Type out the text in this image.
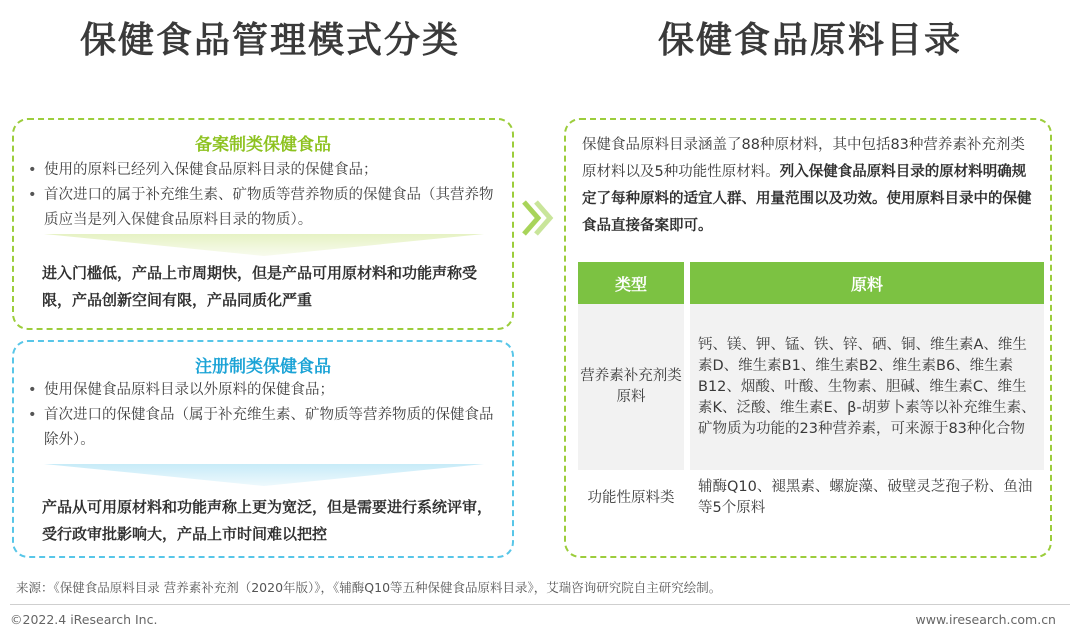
保健食品管理模式分类	保健食品原料目录
备案制类保健食品
• 使用的原料已经列入保健食品原料目录的保健食品；
• 首次进口的属于补充维生素、矿物质等营养物质的保健食品（其营养物质应当是列入保健食品原料目录的物质）。

进入门槛低，产品上市周期快，但是产品可用原材料和功能声称受限，产品创新空间有限，产品同质化严重

注册制类保健食品
• 使用保健食品原料目录以外原料的保健食品；
• 首次进口的保健食品（属于补充维生素、矿物质等营养物质的保健食品除外）。

产品从可用原材料和功能声称上更为宽泛，但是需要进行系统评审，受行政审批影响大，产品上市时间难以把控

保健食品原料目录涵盖了88种原材料，其中包括83种营养素补充剂类原材料以及5种功能性原材料。列入保健食品原料目录的原材料明确规定了每种原料的适宜人群、用量范围以及功效。使用原料目录中的保健食品直接备案即可。

类型	原料
营养素补充剂类原料	钙、镁、钾、锰、铁、锌、硒、铜、维生素A、维生素D、维生素B1、维生素B2、维生素B6、维生素B12、烟酸、叶酸、生物素、胆碱、维生素C、维生素K、泛酸、维生素E、β-胡萝卜素等以补充维生素、矿物质为功能的23种营养素，可来源于83种化合物
功能性原料类	辅酶Q10、褪黑素、螺旋藻、破壁灵芝孢子粉、鱼油等5个原料

来源：《保健食品原料目录 营养素补充剂（2020年版）》，《辅酶Q10等五种保健食品原料目录》，艾瑞咨询研究院自主研究绘制。

©2022.4 iResearch Inc.	www.iresearch.com.cn
